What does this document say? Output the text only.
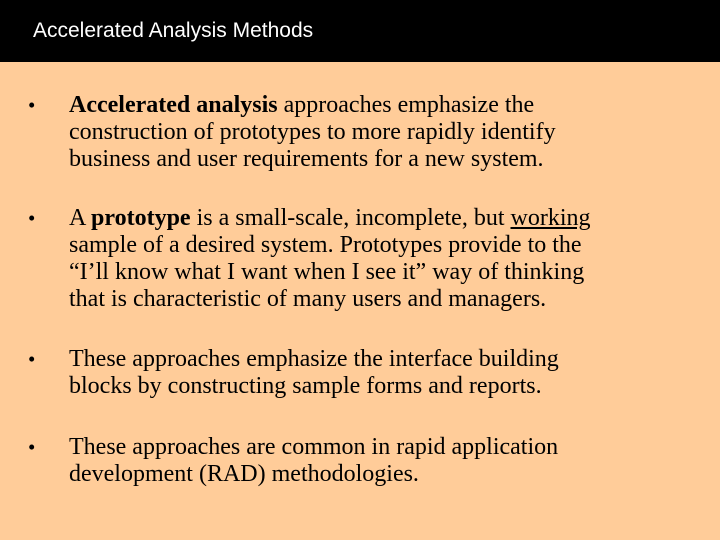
Accelerated Analysis Methods
• Accelerated analysis approaches emphasize the
construction of prototypes to more rapidly identify
business and user requirements for a new system.
• A prototype is a small-scale, incomplete, but working
sample of a desired system. Prototypes provide to the
“I’ll know what I want when I see it” way of thinking
that is characteristic of many users and managers.
• These approaches emphasize the interface building
blocks by constructing sample forms and reports.
• These approaches are common in rapid application
development (RAD) methodologies.
